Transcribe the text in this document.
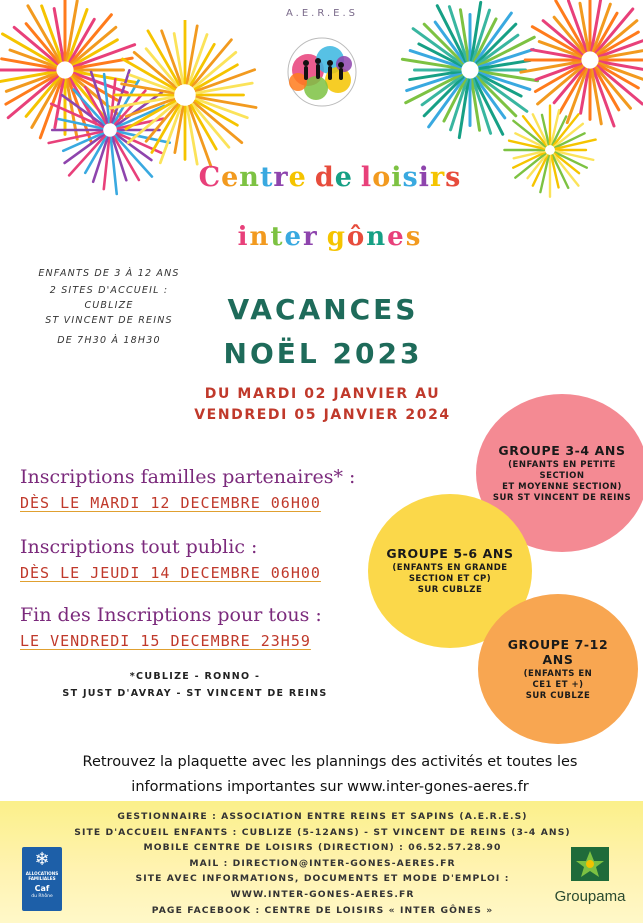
A.E.R.E.S
Centre de loisirs
inter gônes
ENFANTS DE 3 À 12 ANS
2 SITES D'ACCUEIL :
CUBLIZE
ST VINCENT DE REINS
DE 7H30 À 18H30
VACANCES
NOËL 2023
DU MARDI 02 JANVIER AU
VENDREDI 05 JANVIER 2024
GROUPE 3-4 ANS
(ENFANTS EN PETITE
SECTION
ET MOYENNE SECTION)
SUR ST VINCENT DE REINS
GROUPE 5-6 ANS
(ENFANTS EN GRANDE
SECTION ET CP)
SUR CUBLZE
GROUPE 7-12
ANS
(ENFANTS EN
CE1 ET +)
SUR CUBLZE
Inscriptions familles partenaires* :
DÈS LE MARDI 12 DECEMBRE 06H00
Inscriptions tout public :
DÈS LE JEUDI 14 DECEMBRE 06H00
Fin des Inscriptions pour tous :
LE VENDREDI 15 DECEMBRE 23H59
*CUBLIZE - RONNO -
ST JUST D'AVRAY - ST VINCENT DE REINS
Retrouvez la plaquette avec les plannings des activités et toutes les
informations importantes sur www.inter-gones-aeres.fr
GESTIONNAIRE : ASSOCIATION ENTRE REINS ET SAPINS (A.E.R.E.S)
SITE D'ACCUEIL ENFANTS : CUBLIZE (5-12ANS) - ST VINCENT DE REINS (3-4 ANS)
MOBILE CENTRE DE LOISIRS (DIRECTION) : 06.52.57.28.90
MAIL : DIRECTION@INTER-GONES-AERES.FR
SITE AVEC INFORMATIONS, DOCUMENTS ET MODE D'EMPLOI :
WWW.INTER-GONES-AERES.FR
PAGE FACEBOOK : CENTRE DE LOISIRS « INTER GÔNES »
❄
ALLOCATIONS FAMILIALES
Caf
du Rhône	Groupama
